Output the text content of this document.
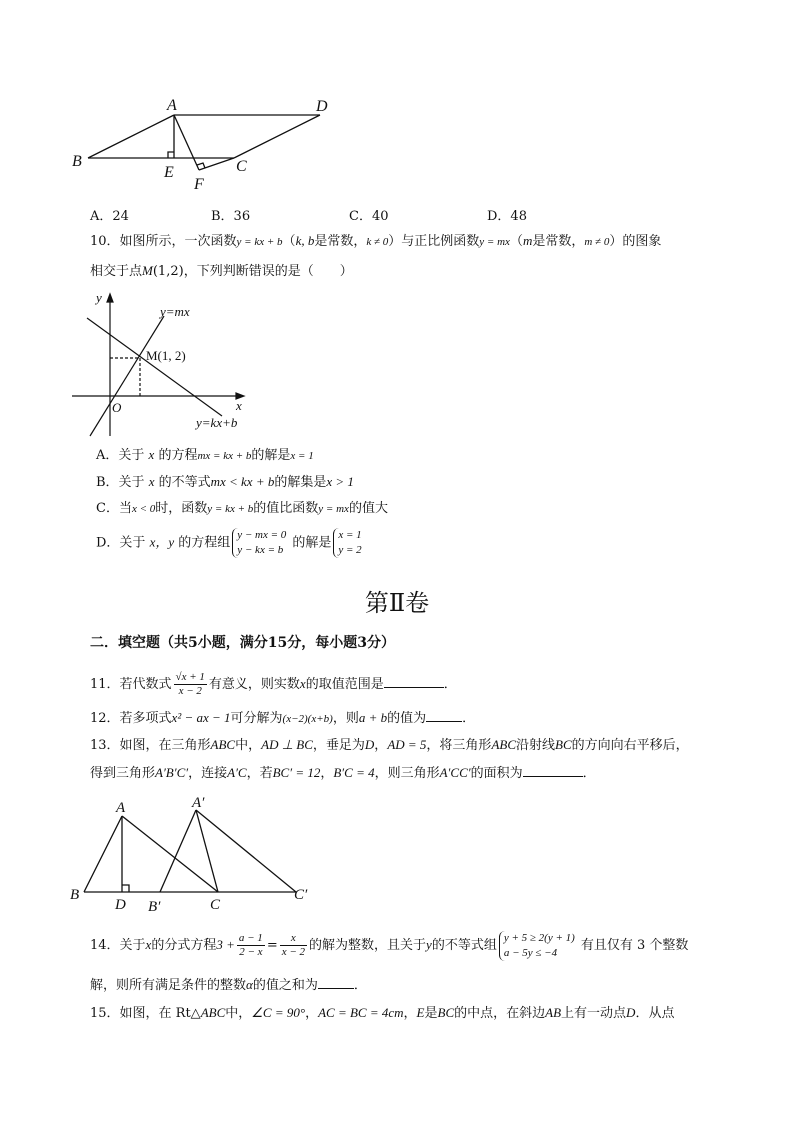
A	D
B	C
E
F
A．24	B．36	C．40	D．48
10．如图所示，一次函数y = kx + b（k, b是常数，k ≠ 0）与正比例函数y = mx（m是常数，m ≠ 0）的图象
相交于点M(1,2)，下列判断错误的是（　　）
y
x
O
y=mx
y=kx+b
M(1, 2)
A．关于 x 的方程mx = kx + b的解是x = 1
B．关于 x 的不等式mx < kx + b的解集是x > 1
C．当x < 0时，函数y = kx + b的值比函数y = mx的值大
D．关于 x，y 的方程组
y − mx = 0
y − kx = b 的解是
x = 1
y = 2
第Ⅱ卷
二．填空题（共5小题，满分15分，每小题3分）
11．若代数式 $\frac{√x + 1}{x - 2}$ 有意义，则实数x的取值范围是	．
12．若多项式x² − ax − 1可分解为(x−2)(x+b)，则a + b的值为	．
13．如图，在三角形ABC中，AD ⊥ BC，垂足为D，AD = 5，将三角形ABC沿射线BC的方向向右平移后，
得到三角形A′B′C′，连接A′C，若BC′ = 12，B′C = 4，则三角形A′CC′的面积为	．
A	A′
B
D B′	C
C′
14．关于x的分式方程$3 + \frac{a - 1}{2 - x} = \frac{x}{x - 2}$ 的解为整数，且关于y的不等式组
y + 5 ≥ 2(y + 1)
a − 5y ≤ −4	有且仅有 3 个整数
解，则所有满足条件的整数α的值之和为	．
15．如图，在 Rt△ABC中，∠C = 90°，AC = BC = 4cm，E是BC的中点，在斜边AB上有一动点D．从点
